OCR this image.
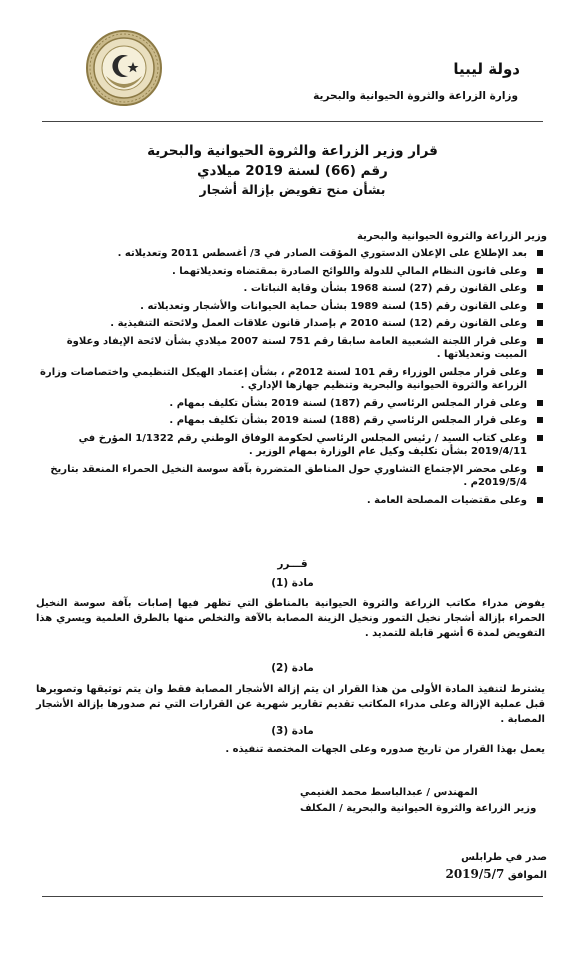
دولة ليبيا
وزارة الزراعة والثروة الحيوانية والبحرية
قرار وزير الزراعة والثروة الحيوانية والبحرية
رقم (66) لسنة 2019 ميلادي
بشأن منح تفويض بإزالة أشجار
وزير الزراعة والثروة الحيوانية والبحرية
بعد الإطلاع على الإعلان الدستوري المؤقت الصادر في 3/ أغسطس 2011 وتعديلاته .
وعلى قانون النظام المالي للدولة واللوائح الصادرة بمقتضاه وتعديلاتهما .
وعلى القانون رقم (27) لسنة 1968 بشأن وقاية النباتات .
وعلى القانون رقم (15) لسنة 1989 بشأن حماية الحيوانات والأشجار وتعديلاته .
وعلى القانون رقم (12) لسنة 2010 م بإصدار قانون علاقات العمل ولائحته التنفيذية .
وعلى قرار اللجنة الشعبية العامة سابقا رقم 751 لسنة 2007 ميلادي بشأن لائحة الإيفاد وعلاوة المبيت وتعديلاتها .
وعلى قرار مجلس الوزراء رقم 101 لسنة 2012م ، بشأن إعتماد الهيكل التنظيمي واختصاصات وزارة الزراعة والثروة الحيوانية والبحرية وتنظيم جهازها الإداري .
وعلى قرار المجلس الرئاسي رقم (187) لسنة 2019 بشأن تكليف بمهام .
وعلى قرار المجلس الرئاسي رقم (188) لسنة 2019 بشأن تكليف بمهام .
وعلى كتاب السيد / رئيس المجلس الرئاسي لحكومة الوفاق الوطني رقم 1/1322 المؤرخ في 2019/4/11 بشأن تكليف وكيل عام الوزارة بمهام الوزير .
وعلى محضر الإجتماع التشاوري حول المناطق المتضررة بآفة سوسة النخيل الحمراء المنعقد بتاريخ 2019/5/4م .
وعلى مقتضيات المصلحة العامة .
قـــرر
مادة (1)
يفوض مدراء مكاتب الزراعة والثروة الحيوانية بالمناطق التي تظهر فيها إصابات بآفة سوسة النخيل الحمراء بإزالة أشجار نخيل التمور ونخيل الزينة المصابة بالآفة والتخلص منها بالطرق العلمية ويسري هذا التفويض لمدة 6 أشهر قابلة للتمديد .
مادة (2)
يشترط لتنفيذ المادة الأولى من هذا القرار ان يتم إزالة الأشجار المصابة فقط وان يتم توثيقها وتصويرها قبل عملية الإزالة وعلى مدراء المكاتب تقديم تقارير شهرية عن القرارات التي تم صدورها بإزالة الأشجار المصابة .
مادة (3)
يعمل بهذا القرار من تاريخ صدوره وعلى الجهات المختصة تنفيذه .
المهندس / عبدالباسط محمد الغنيمي
وزير الزراعة والثروة الحيوانية والبحرية / المكلف
صدر في طرابلس
الموافق 2019/5/7
